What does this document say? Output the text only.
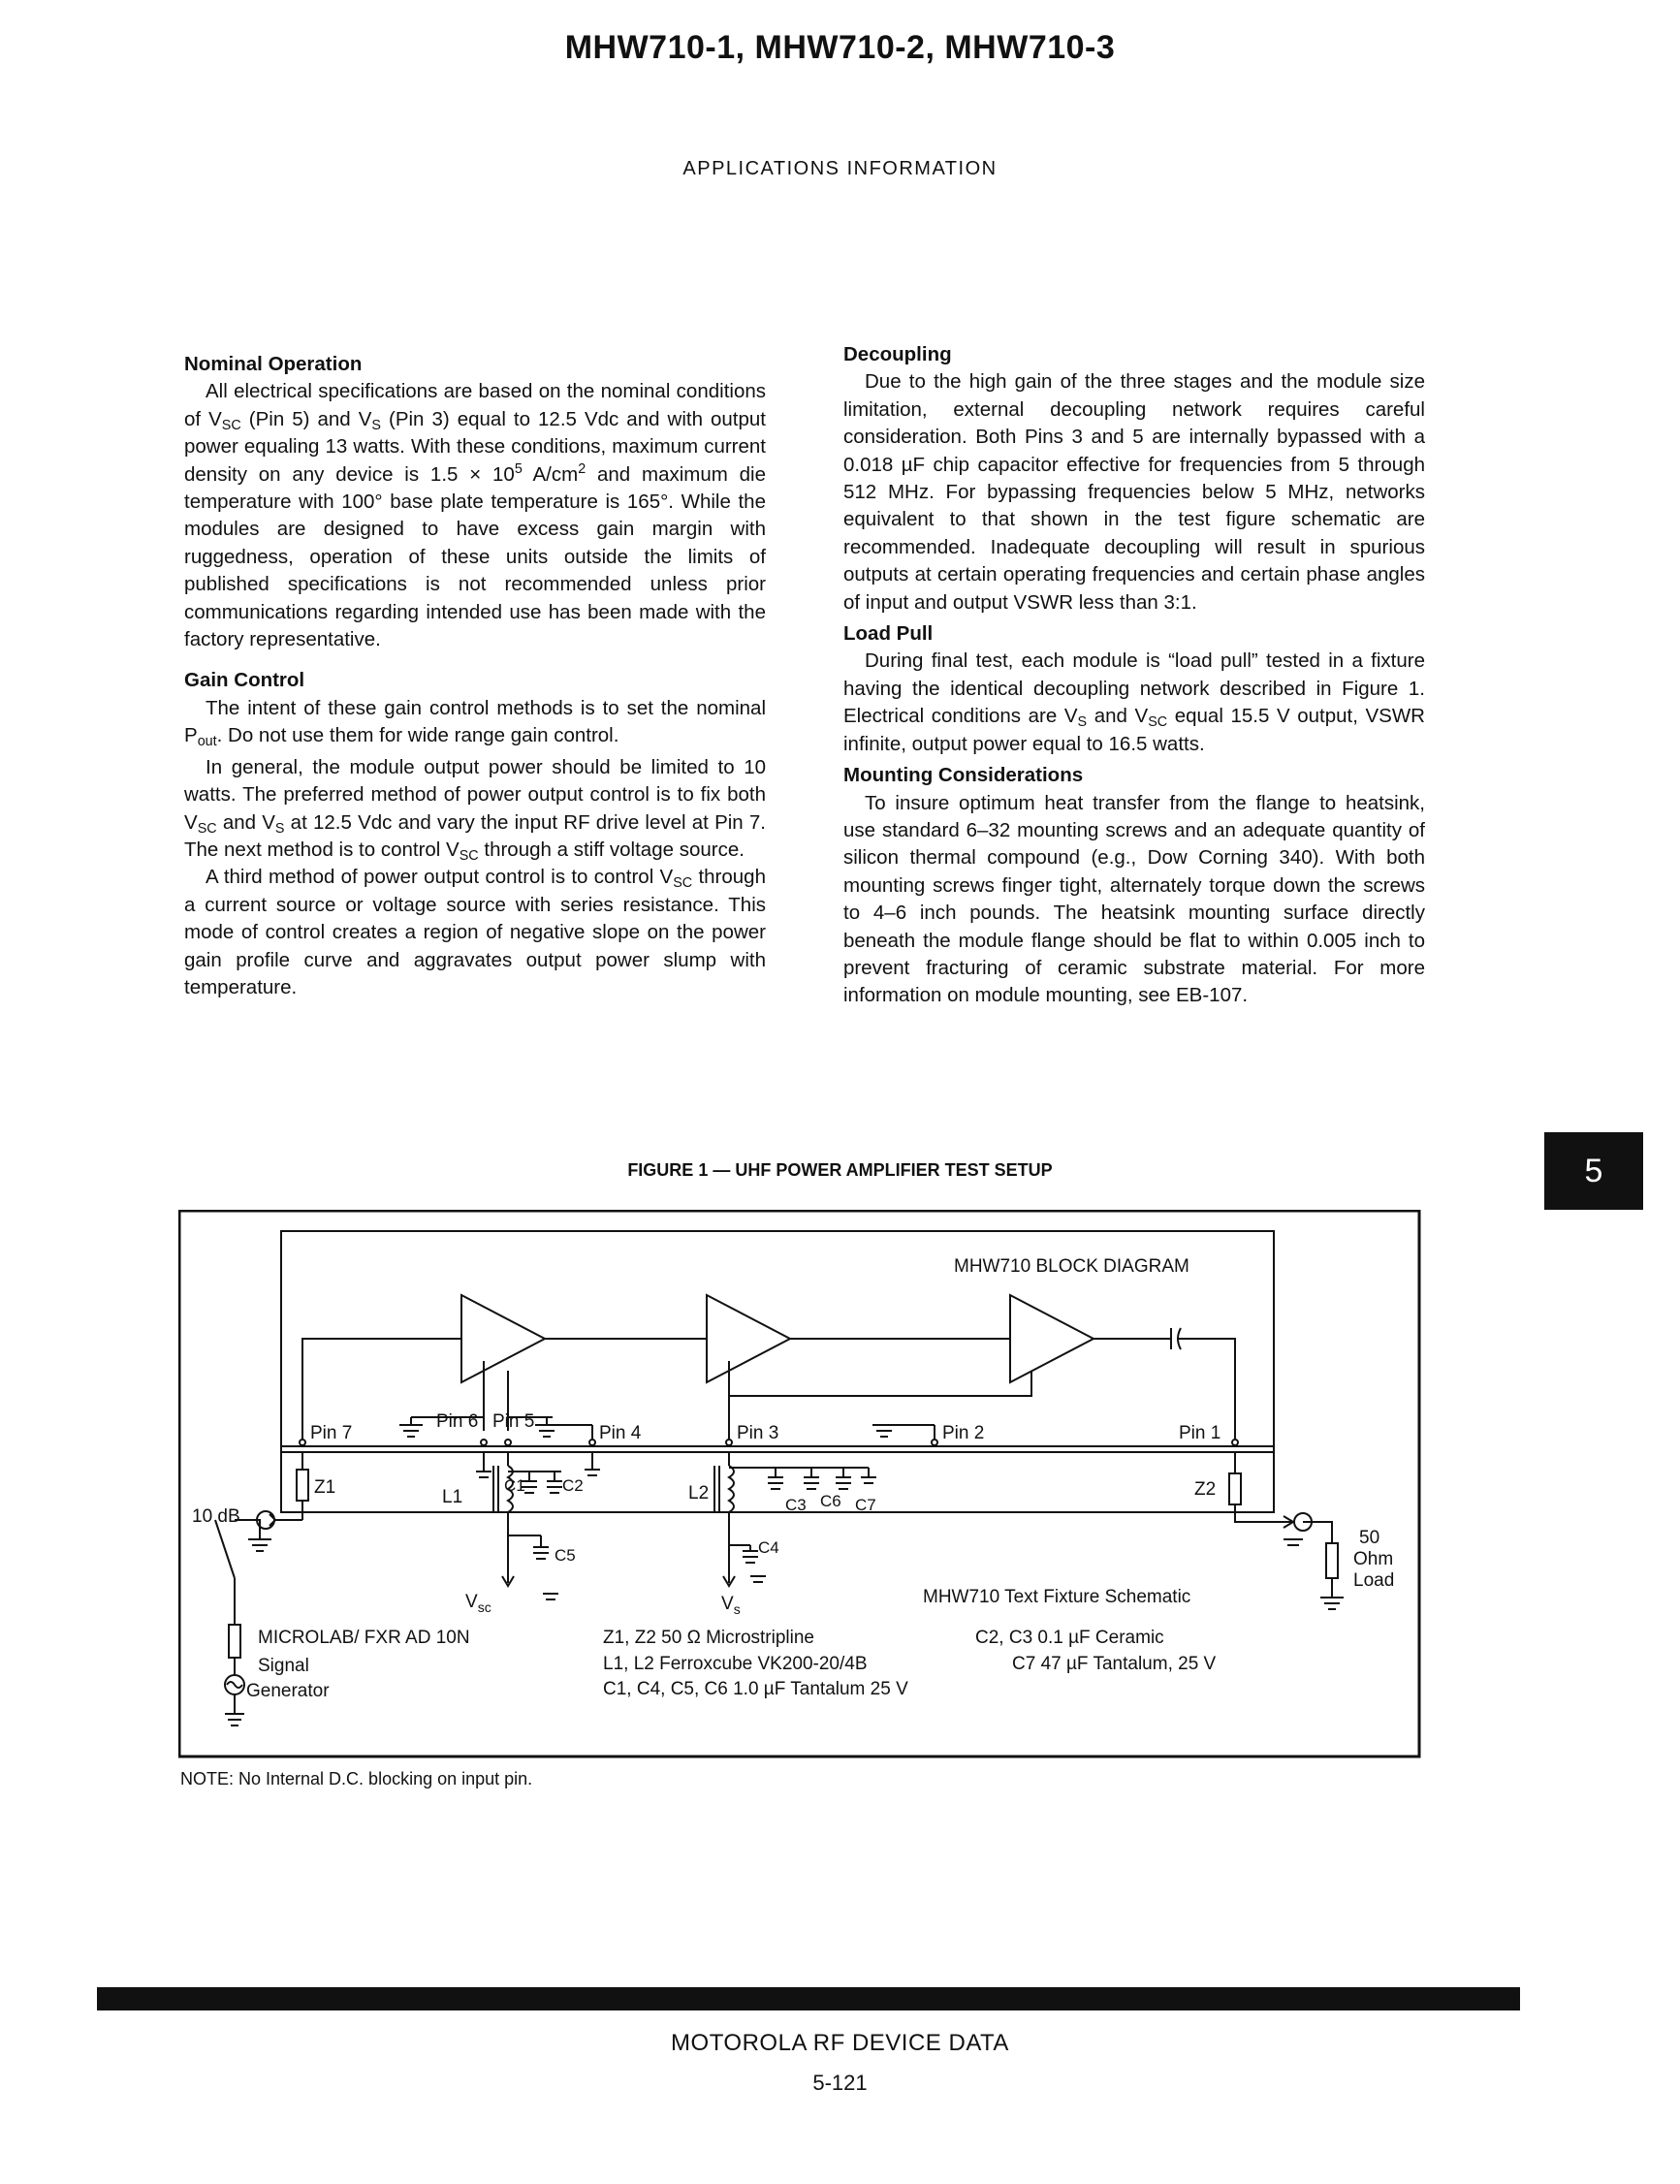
MHW710-1, MHW710-2, MHW710-3
APPLICATIONS INFORMATION
Nominal Operation

All electrical specifications are based on the nominal conditions of $V_{SC}$ (Pin 5) and $V_S$ (Pin 3) equal to 12.5 Vdc and with output power equaling 13 watts. With these conditions, maximum current density on any device is $1.5 \times 10^5$ $A/cm^2$ and maximum die temperature with 100° base plate temperature is 165°. While the modules are designed to have excess gain margin with ruggedness, operation of these units outside the limits of published specifications is not recommended unless prior communications regarding intended use has been made with the factory representative.

Gain Control

The intent of these gain control methods is to set the nominal $P_{out}$. Do not use them for wide range gain control.

In general, the module output power should be limited to 10 watts. The preferred method of power output control is to fix both $V_{SC}$ and $V_S$ at 12.5 Vdc and vary the input RF drive level at Pin 7. The next method is to control $V_{SC}$ through a stiff voltage source.

A third method of power output control is to control $V_{SC}$ through a current source or voltage source with series resistance. This mode of control creates a region of negative slope on the power gain profile curve and aggravates output power slump with temperature.

Decoupling

Due to the high gain of the three stages and the module size limitation, external decoupling network requires careful consideration. Both Pins 3 and 5 are internally bypassed with a 0.018 µF chip capacitor effective for frequencies from 5 through 512 MHz. For bypassing frequencies below 5 MHz, networks equivalent to that shown in the test figure schematic are recommended. Inadequate decoupling will result in spurious outputs at certain operating frequencies and certain phase angles of input and output VSWR less than 3:1.

Load Pull

During final test, each module is “load pull” tested in a fixture having the identical decoupling network described in Figure 1. Electrical conditions are $V_S$ and $V_{SC}$ equal 15.5 V output, VSWR infinite, output power equal to 16.5 watts.

Mounting Considerations

To insure optimum heat transfer from the flange to heatsink, use standard 6–32 mounting screws and an adequate quantity of silicon thermal compound (e.g., Dow Corning 340). With both mounting screws finger tight, alternately torque down the screws to 4–6 inch pounds. The heatsink mounting surface directly beneath the module flange should be flat to within 0.005 inch to prevent fracturing of ceramic substrate material. For more information on module mounting, see EB-107.

5
FIGURE 1 — UHF POWER AMPLIFIER TEST SETUP
MHW710 BLOCK DIAGRAM
Pin 7
Pin 6 Pin 5
Pin 4	Pin 3	Pin 2	Pin 1
Z1	Z2
L1	L2
C1 C2
C3
C4
C5
C6 C7
$V_{sc}$	$V_s$
MHW710 Text Fixture Schematic
10 dB
50
Ohm
Load
MICROLAB/ FXR AD 10N
Signal
Generator
Z1, Z2 50 Ω Microstripline
L1, L2 Ferroxcube VK200-20/4B
C1, C4, C5, C6 1.0 µF Tantalum 25 V
C2, C3 0.1 µF Ceramic
C7 47 µF Tantalum, 25 V
NOTE: No Internal D.C. blocking on input pin.
MOTOROLA RF DEVICE DATA
5-121
